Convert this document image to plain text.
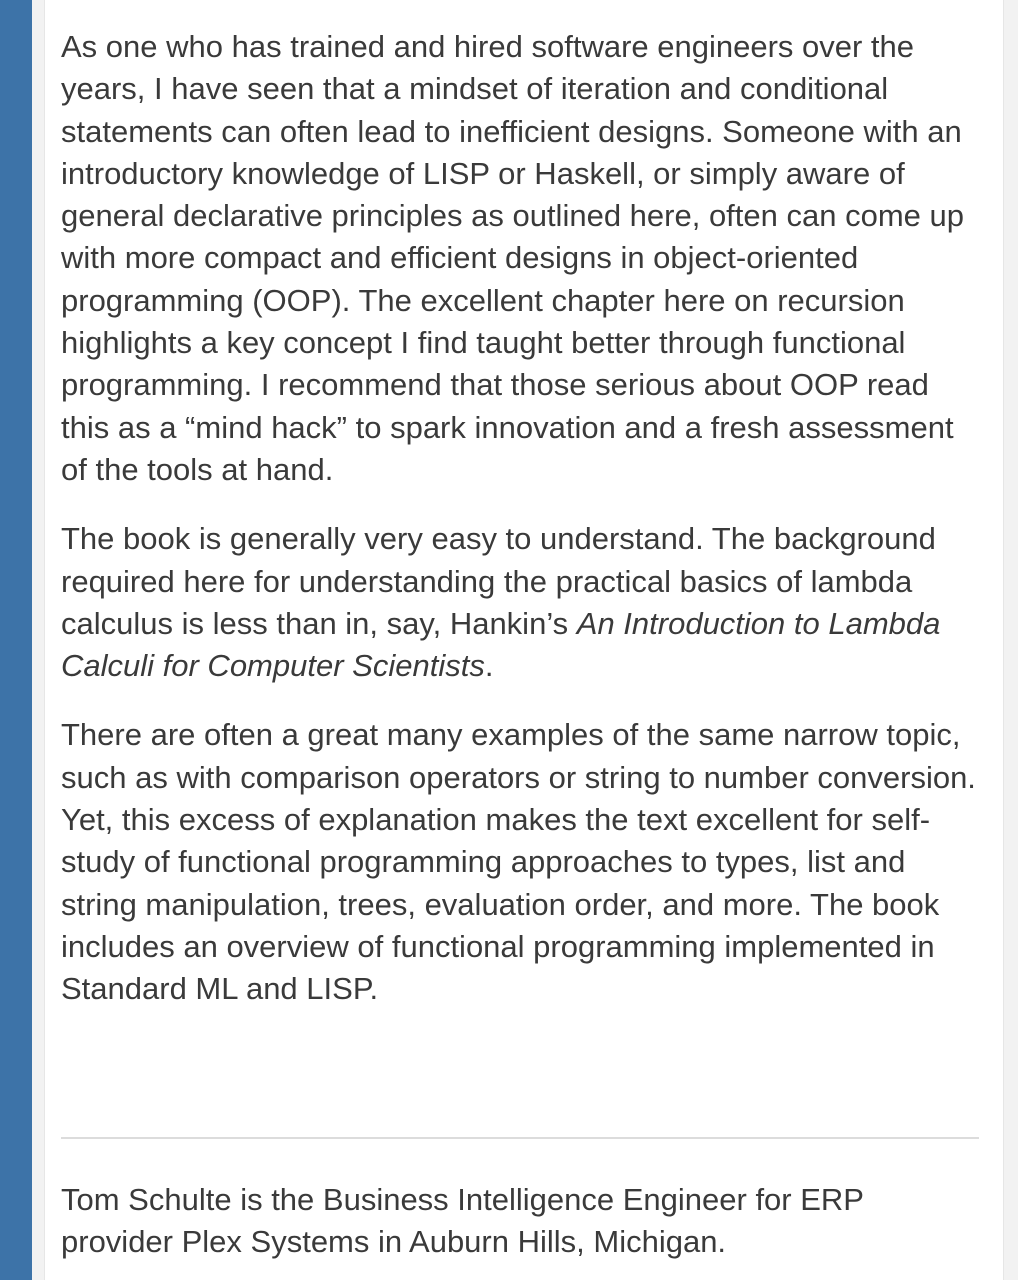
As one who has trained and hired software engineers over the years, I have seen that a mindset of iteration and conditional statements can often lead to inefficient designs. Someone with an introductory knowledge of LISP or Haskell, or simply aware of general declarative principles as outlined here, often can come up with more compact and efficient designs in object-oriented programming (OOP). The excellent chapter here on recursion highlights a key concept I find taught better through functional programming. I recommend that those serious about OOP read this as a “mind hack” to spark innovation and a fresh assessment of the tools at hand.

The book is generally very easy to understand. The background required here for understanding the practical basics of lambda calculus is less than in, say, Hankin’s An Introduction to Lambda Calculi for Computer Scientists.

There are often a great many examples of the same narrow topic, such as with comparison operators or string to number conversion. Yet, this excess of explanation makes the text excellent for self-study of functional programming approaches to types, list and string manipulation, trees, evaluation order, and more. The book includes an overview of functional programming implemented in Standard ML and LISP.

Tom Schulte is the Business Intelligence Engineer for ERP provider Plex Systems in Auburn Hills, Michigan.
